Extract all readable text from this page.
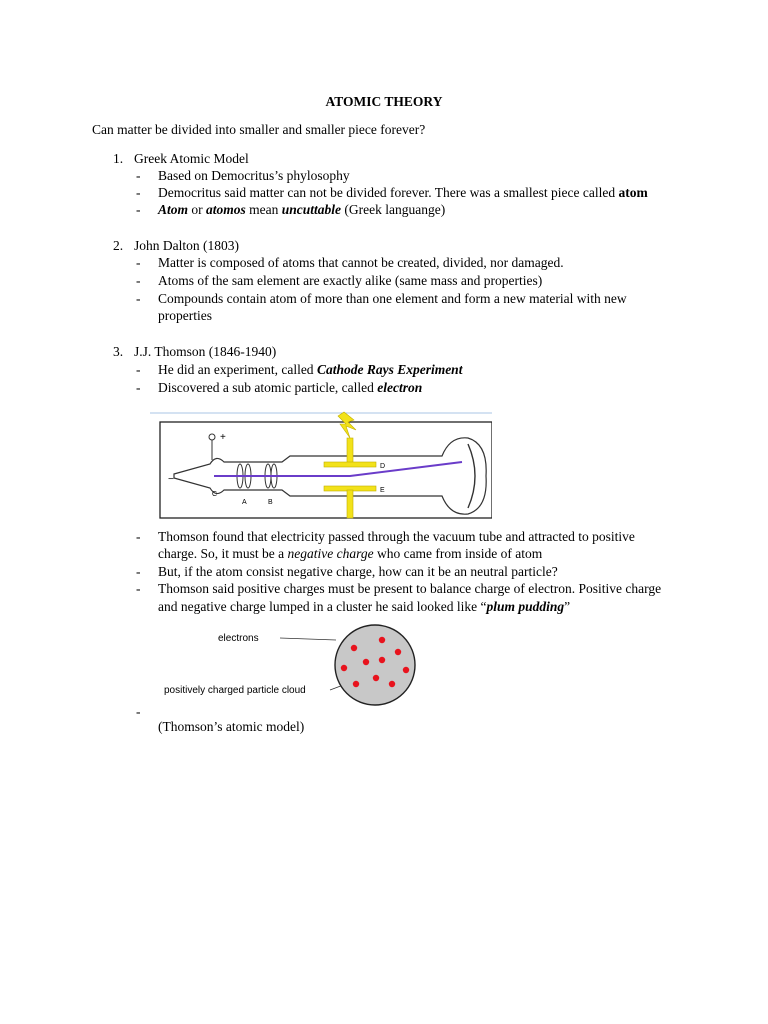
ATOMIC THEORY
Can matter be divided into smaller and smaller piece forever?
1. Greek Atomic Model
- Based on Democritus’s phylosophy
- Democritus said matter can not be divided forever. There was a smallest piece called atom
- Atom or atomos mean uncuttable (Greek languange)
2. John Dalton (1803)
- Matter is composed of atoms that cannot be created, divided, nor damaged.
- Atoms of the sam element are exactly alike (same mass and properties)
- Compounds contain atom of more than one element and form a new material with new
properties
3. J.J. Thomson (1846-1940)
- He did an experiment, called Cathode Rays Experiment
- Discovered a sub atomic particle, called electron
+
−
C
A	B
D
E
- Thomson found that electricity passed through the vacuum tube and attracted to positive
charge. So, it must be a negative charge who came from inside of atom
- But, if the atom consist negative charge, how can it be an neutral particle?
- Thomson said positive charges must be present to balance charge of electron. Positive charge
and negative charge lumped in a cluster he said looked like “plum pudding”
electrons
positively charged particle cloud
-
(Thomson’s atomic model)
